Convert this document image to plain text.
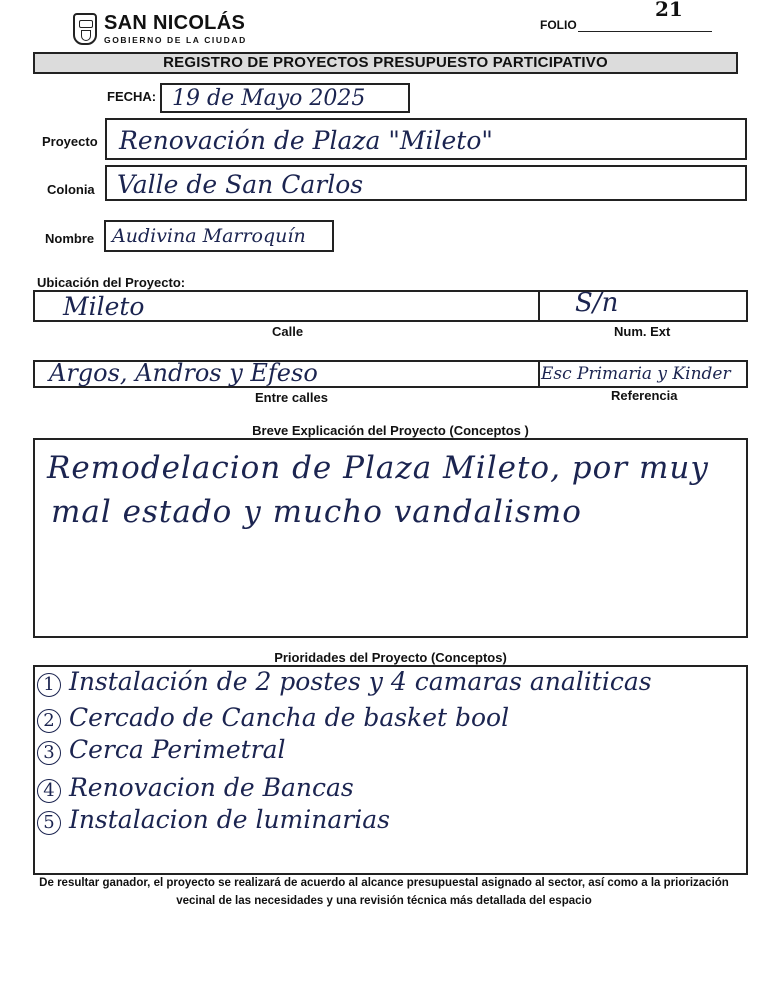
SAN NICOLÁS
GOBIERNO DE LA CIUDAD
FOLIO
21
REGISTRO DE PROYECTOS PRESUPUESTO PARTICIPATIVO
FECHA: 19 de Mayo 2025
Proyecto Renovación de Plaza "Mileto"
Colonia Valle de San Carlos
Nombre Audivina Marroquín
Ubicación del Proyecto:
Mileto	S/n
Calle	Num. Ext
Argos, Andros y Efeso	Esc Primaria y Kinder
Entre calles	Referencia
Breve Explicación del Proyecto (Conceptos )
Remodelacion de Plaza Mileto, por muy
mal estado y mucho vandalismo
Prioridades del Proyecto (Conceptos)
1 Instalación de 2 postes y 4 camaras analiticas
2 Cercado de Cancha de basket bool
3 Cerca Perimetral
4 Renovacion de Bancas
5 Instalacion de luminarias
De resultar ganador, el proyecto se realizará de acuerdo al alcance presupuestal asignado al sector, así como a la priorización
vecinal de las necesidades y una revisión técnica más detallada del espacio
